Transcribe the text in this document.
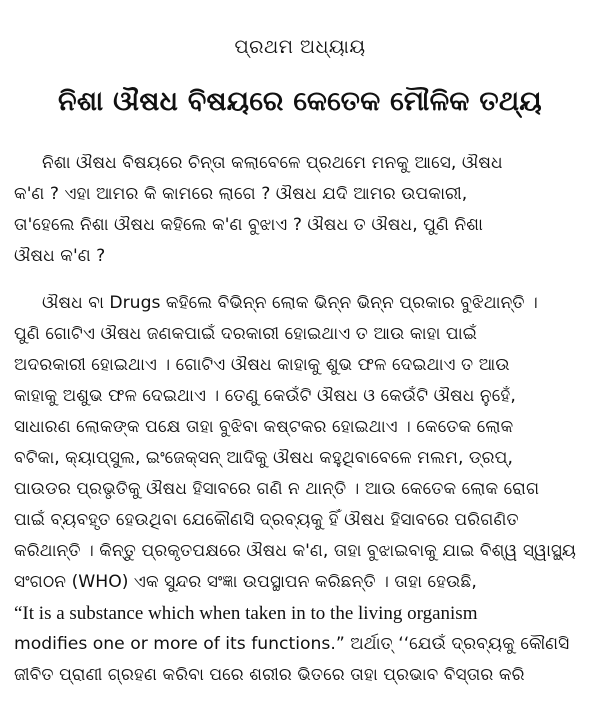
ପ୍ରଥମ ଅଧ୍ୟାୟ
ନିଶା ଔଷଧ ବିଷୟରେ କେତେକ ମୌଳିକ ତଥ୍ୟ
ନିଶା ଔଷଧ ବିଷୟରେ ଚିନ୍ତା କଲାବେଳେ ପ୍ରଥମେ ମନକୁ ଆସେ, ଔଷଧ
କ'ଣ ? ଏହା ଆମର କି କାମରେ ଲାଗେ ? ଔଷଧ ଯଦି ଆମର ଉପକାରୀ,
ତା'ହେଲେ ନିଶା ଔଷଧ କହିଲେ କ'ଣ ବୁଝାଏ ? ଔଷଧ ତ ଔଷଧ, ପୁଣି ନିଶା
ଔଷଧ କ'ଣ ?
ଔଷଧ ବା Drugs କହିଲେ ବିଭିନ୍ନ ଲୋକ ଭିନ୍ନ ଭିନ୍ନ ପ୍ରକାର ବୁଝିଥାନ୍ତି ।
ପୁଣି ଗୋଟିଏ ଔଷଧ ଜଣକପାଇଁ ଦରକାରୀ ହୋଇଥାଏ ତ ଆଉ କାହା ପାଇଁ
ଅଦରକାରୀ ହୋଇଥାଏ । ଗୋଟିଏ ଔଷଧ କାହାକୁ ଶୁଭ ଫଳ ଦେଇଥାଏ ତ ଆଉ
କାହାକୁ ଅଶୁଭ ଫଳ ଦେଇଥାଏ । ତେଣୁ କେଉଁଟି ଔଷଧ ଓ କେଉଁଟି ଔଷଧ ନୁହେଁ,
ସାଧାରଣ ଲୋକଙ୍କ ପକ୍ଷେ ତାହା ବୁଝିବା କଷ୍ଟକର ହୋଇଥାଏ । କେତେକ ଲୋକ
ବଟିକା, କ୍ୟାପ୍ସୁଲ, ଇଂଜେକ୍ସନ୍ ଆଦିକୁ ଔଷଧ କହୁଥିବାବେଳେ ମଲମ, ଡ୍ରପ୍,
ପାଉଡର ପ୍ରଭୃତିକୁ ଔଷଧ ହିସାବରେ ଗଣି ନ ଥାନ୍ତି । ଆଉ କେତେକ ଲୋକ ରୋଗ
ପାଇଁ ବ୍ୟବହୃତ ହେଉଥିବା ଯେକୌଣସି ଦ୍ରବ୍ୟକୁ ହିଁ ଔଷଧ ହିସାବରେ ପରିଗଣିତ
କରିଥାନ୍ତି । କିନ୍ତୁ ପ୍ରକୃତପକ୍ଷରେ ଔଷଧ କ'ଣ, ତାହା ବୁଝାଇବାକୁ ଯାଇ ବିଶ୍ୱ ସ୍ୱାସ୍ଥ୍ୟ
ସଂଗଠନ (WHO) ଏକ ସୁନ୍ଦର ସଂଜ୍ଞା ଉପସ୍ଥାପନ କରିଛନ୍ତି । ତାହା ହେଉଛି,
“It is a substance which when taken in to the living organism
modifies one or more of its functions.” ଅର୍ଥାତ୍ ‘‘ଯେଉଁ ଦ୍ରବ୍ୟକୁ କୌଣସି
ଜୀବିତ ପ୍ରାଣୀ ଗ୍ରହଣ କରିବା ପରେ ଶରୀର ଭିତରେ ତାହା ପ୍ରଭାବ ବିସ୍ତାର କରି
